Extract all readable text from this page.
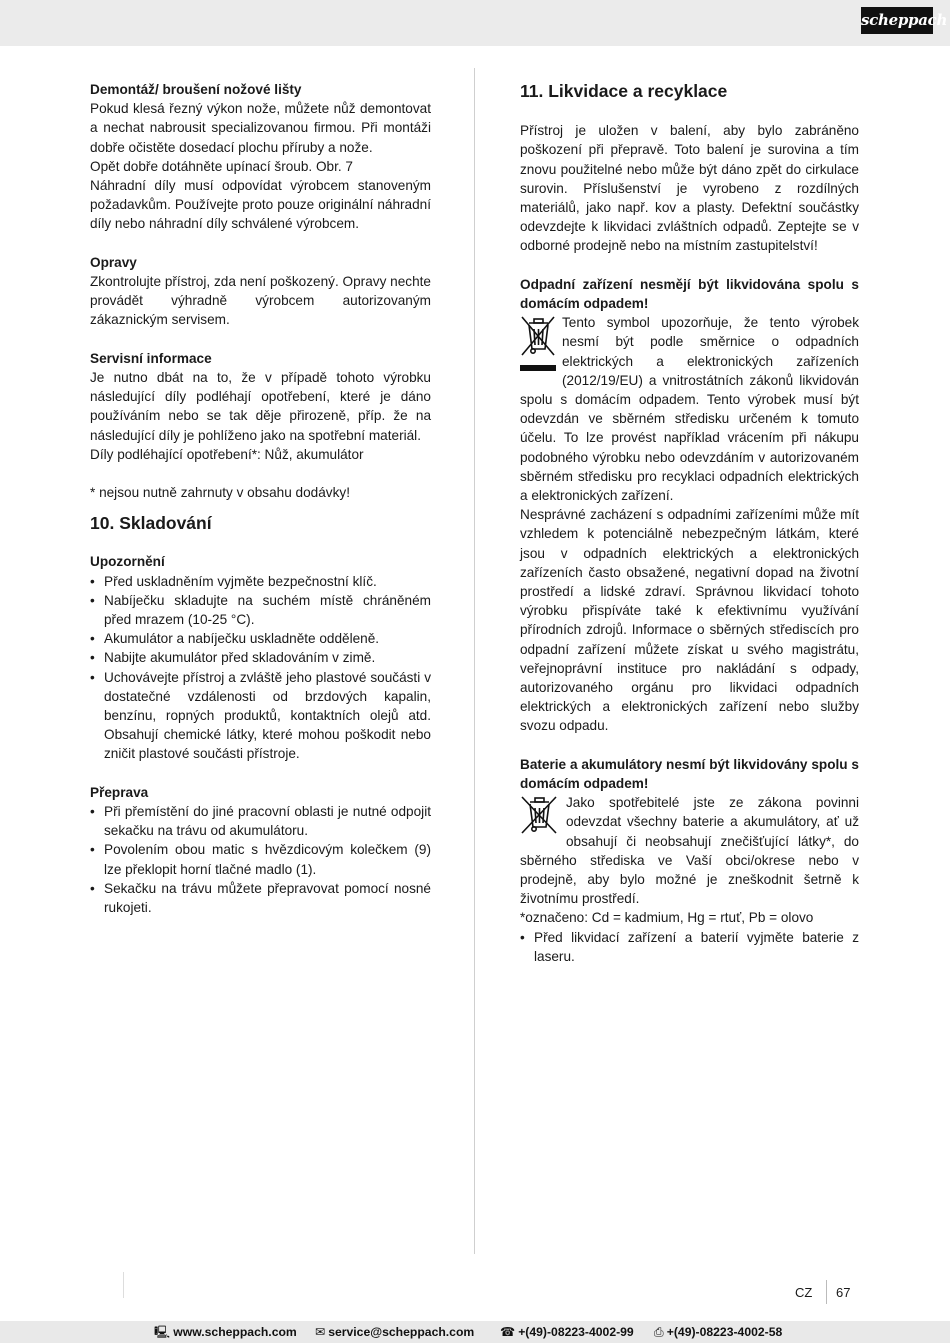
scheppach

Demontáž/ broušení nožové lišty

Pokud klesá řezný výkon nože, můžete nůž demontovat a nechat nabrousit specializovanou firmou. Při montáži dobře očistěte dosedací plochu příruby a nože.

Opět dobře dotáhněte upínací šroub. Obr. 7

Náhradní díly musí odpovídat výrobcem stanoveným požadavkům. Používejte proto pouze originální náhradní díly nebo náhradní díly schválené výrobcem.

Opravy

Zkontrolujte přístroj, zda není poškozený. Opravy nechte provádět výhradně výrobcem autorizovaným zákaznickým servisem.

Servisní informace

Je nutno dbát na to, že v případě tohoto výrobku následující díly podléhají opotřebení, které je dáno používáním nebo se tak děje přirozeně, příp. že na následující díly je pohlíženo jako na spotřební materiál.

Díly podléhající opotřebení*: Nůž, akumulátor

* nejsou nutně zahrnuty v obsahu dodávky!

10. Skladování

Upozornění

• Před uskladněním vyjměte bezpečnostní klíč.
• Nabíječku skladujte na suchém místě chráněném před mrazem (10-25 °C).
• Akumulátor a nabíječku uskladněte odděleně.
• Nabijte akumulátor před skladováním v zimě.
• Uchovávejte přístroj a zvláště jeho plastové součásti v dostatečné vzdálenosti od brzdových kapalin, benzínu, ropných produktů, kontaktních olejů atd. Obsahují chemické látky, které mohou poškodit nebo zničit plastové součásti přístroje.

Přeprava

• Při přemístění do jiné pracovní oblasti je nutné odpojit sekačku na trávu od akumulátoru.
• Povolením obou matic s hvězdicovým kolečkem (9) lze překlopit horní tlačné madlo (1).
• Sekačku na trávu můžete přepravovat pomocí nosné rukojeti.
11. Likvidace a recyklace

Přístroj je uložen v balení, aby bylo zabráněno poškození při přepravě. Toto balení je surovina a tím znovu použitelné nebo může být dáno zpět do cirkulace surovin. Příslušenství je vyrobeno z rozdílných materiálů, jako např. kov a plasty. Defektní součástky odevzdejte k likvidaci zvláštních odpadů. Zeptejte se v odborné prodejně nebo na místním zastupitelství!

Odpadní zařízení nesmějí být likvidována spolu s domácím odpadem!

Tento symbol upozorňuje, že tento výrobek nesmí být podle směrnice o odpadních elektrických a elektronických zařízeních (2012/19/EU) a vnitrostátních zákonů likvidován spolu s domácím odpadem. Tento výrobek musí být odevzdán ve sběrném středisku určeném k tomuto účelu. To lze provést například vrácením při nákupu podobného výrobku nebo odevzdáním v autorizovaném sběrném středisku pro recyklaci odpadních elektrických a elektronických zařízení.

Nesprávné zacházení s odpadními zařízeními může mít vzhledem k potenciálně nebezpečným látkám, které jsou v odpadních elektrických a elektronických zařízeních často obsažené, negativní dopad na životní prostředí a lidské zdraví. Správnou likvidací tohoto výrobku přispíváte také k efektivnímu využívání přírodních zdrojů. Informace o sběrných střediscích pro odpadní zařízení můžete získat u svého magistrátu, veřejnoprávní instituce pro nakládání s odpady, autorizovaného orgánu pro likvidaci odpadních elektrických a elektronických zařízení nebo služby svozu odpadu.

Baterie a akumulátory nesmí být likvidovány spolu s domácím odpadem!

Jako spotřebitelé jste ze zákona povinni odevzdat všechny baterie a akumulátory, ať už obsahují či neobsahují znečišťující látky*, do sběrného střediska ve Vaší obci/okrese nebo v prodejně, aby bylo možné je zneškodnit šetrně k životnímu prostředí.

*označeno: Cd = kadmium, Hg = rtuť, Pb = olovo

• Před likvidací zařízení a baterií vyjměte baterie z laseru.
CZ 67
🖳 www.scheppach.com ✉ service@scheppach.com ☎ +(49)-08223-4002-99 ⎙ +(49)-08223-4002-58
